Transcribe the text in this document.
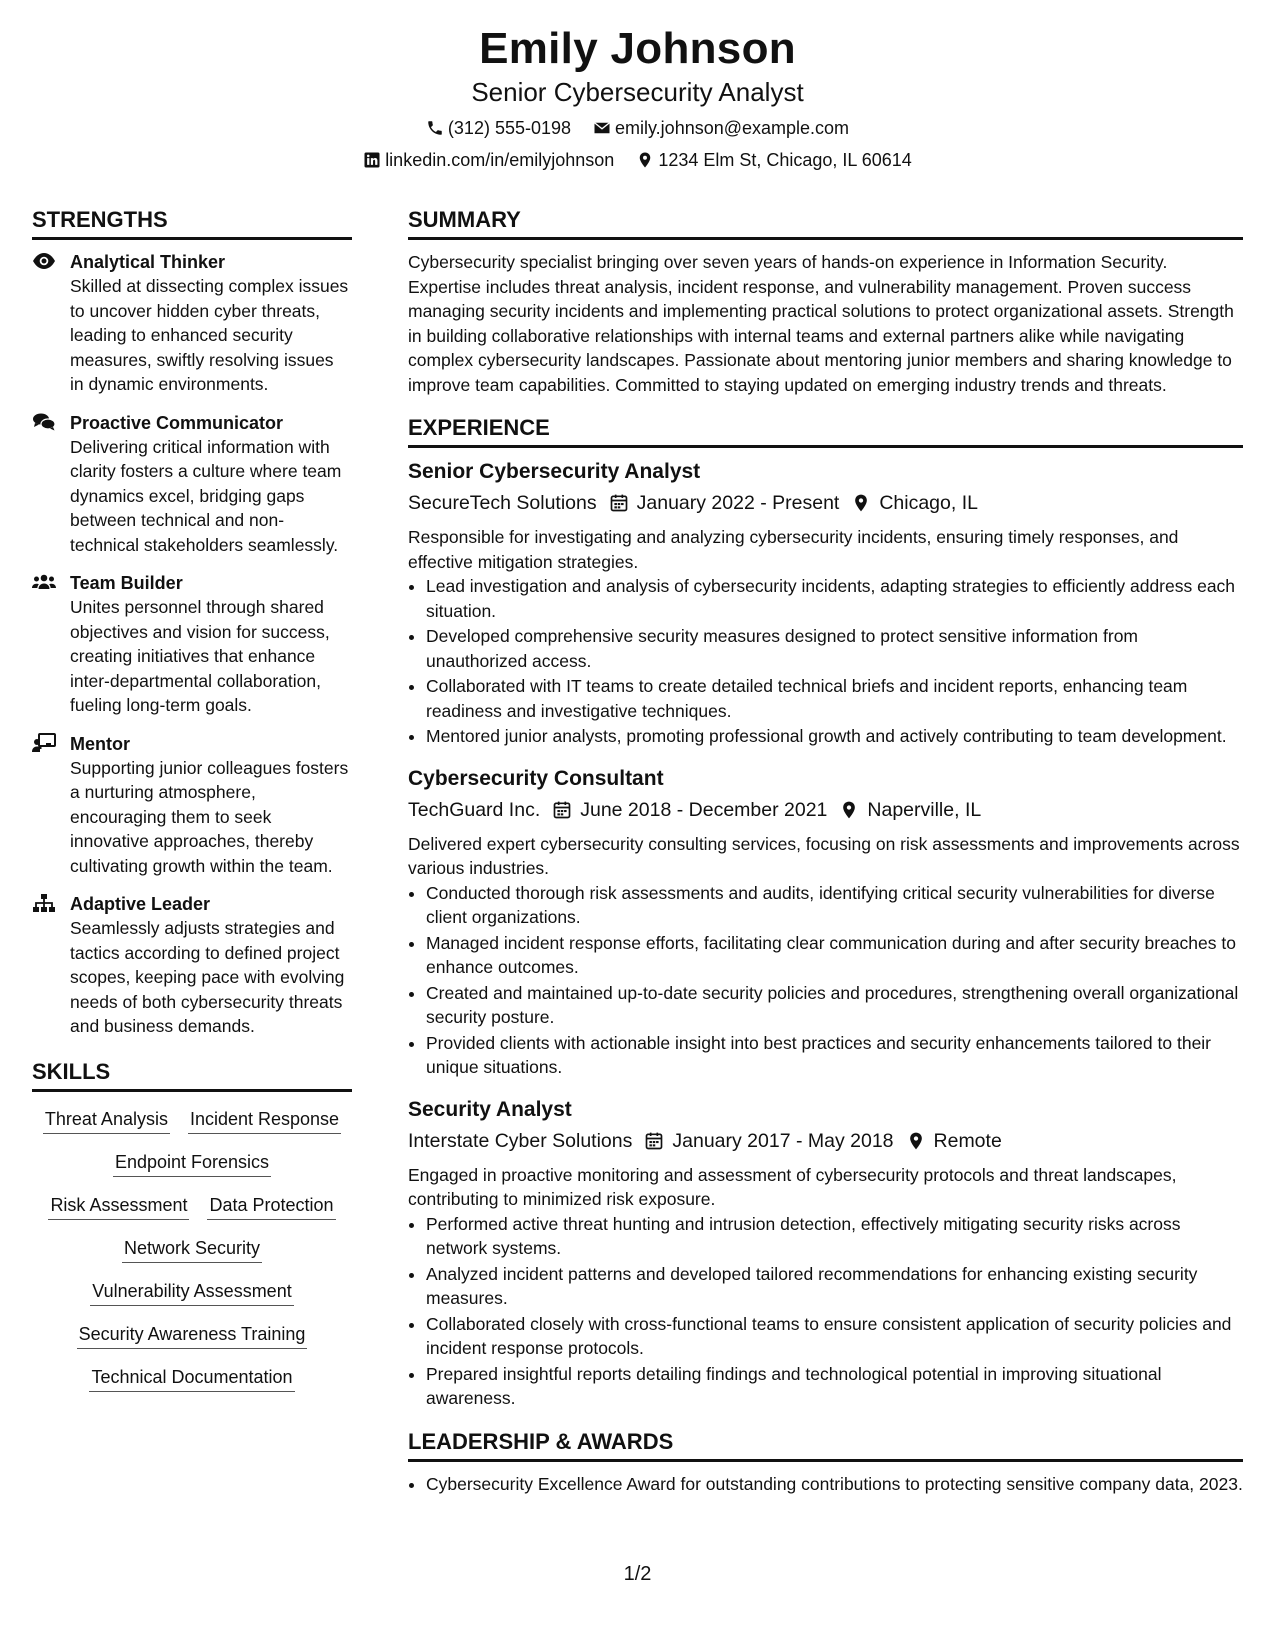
Emily Johnson
Senior Cybersecurity Analyst
(312) 555-0198 emily.johnson@example.com
linkedin.com/in/emilyjohnson 1234 Elm St, Chicago, IL 60614
STRENGTHS
Analytical Thinker
Skilled at dissecting complex issues to uncover hidden cyber threats, leading to enhanced security measures, swiftly resolving issues in dynamic environments.
Proactive Communicator
Delivering critical information with clarity fosters a culture where team dynamics excel, bridging gaps between technical and non-technical stakeholders seamlessly.
Team Builder
Unites personnel through shared objectives and vision for success, creating initiatives that enhance inter-departmental collaboration, fueling long-term goals.
Mentor
Supporting junior colleagues fosters a nurturing atmosphere, encouraging them to seek innovative approaches, thereby cultivating growth within the team.
Adaptive Leader
Seamlessly adjusts strategies and tactics according to defined project scopes, keeping pace with evolving needs of both cybersecurity threats and business demands.
SKILLS
Threat Analysis Incident Response
Endpoint Forensics
Risk Assessment Data Protection
Network Security
Vulnerability Assessment
Security Awareness Training
Technical Documentation
SUMMARY
Cybersecurity specialist bringing over seven years of hands-on experience in Information Security. Expertise includes threat analysis, incident response, and vulnerability management. Proven success managing security incidents and implementing practical solutions to protect organizational assets. Strength in building collaborative relationships with internal teams and external partners alike while navigating complex cybersecurity landscapes. Passionate about mentoring junior members and sharing knowledge to improve team capabilities. Committed to staying updated on emerging industry trends and threats.
EXPERIENCE
Senior Cybersecurity Analyst
SecureTech Solutions January 2022 - Present Chicago, IL
Responsible for investigating and analyzing cybersecurity incidents, ensuring timely responses, and effective mitigation strategies.
• Lead investigation and analysis of cybersecurity incidents, adapting strategies to efficiently address each situation.
• Developed comprehensive security measures designed to protect sensitive information from unauthorized access.
• Collaborated with IT teams to create detailed technical briefs and incident reports, enhancing team readiness and investigative techniques.
• Mentored junior analysts, promoting professional growth and actively contributing to team development.
Cybersecurity Consultant
TechGuard Inc. June 2018 - December 2021 Naperville, IL
Delivered expert cybersecurity consulting services, focusing on risk assessments and improvements across various industries.
• Conducted thorough risk assessments and audits, identifying critical security vulnerabilities for diverse client organizations.
• Managed incident response efforts, facilitating clear communication during and after security breaches to enhance outcomes.
• Created and maintained up-to-date security policies and procedures, strengthening overall organizational security posture.
• Provided clients with actionable insight into best practices and security enhancements tailored to their unique situations.
Security Analyst
Interstate Cyber Solutions January 2017 - May 2018 Remote
Engaged in proactive monitoring and assessment of cybersecurity protocols and threat landscapes, contributing to minimized risk exposure.
• Performed active threat hunting and intrusion detection, effectively mitigating security risks across network systems.
• Analyzed incident patterns and developed tailored recommendations for enhancing existing security measures.
• Collaborated closely with cross-functional teams to ensure consistent application of security policies and incident response protocols.
• Prepared insightful reports detailing findings and technological potential in improving situational awareness.
LEADERSHIP & AWARDS
• Cybersecurity Excellence Award for outstanding contributions to protecting sensitive company data, 2023.
1/2
